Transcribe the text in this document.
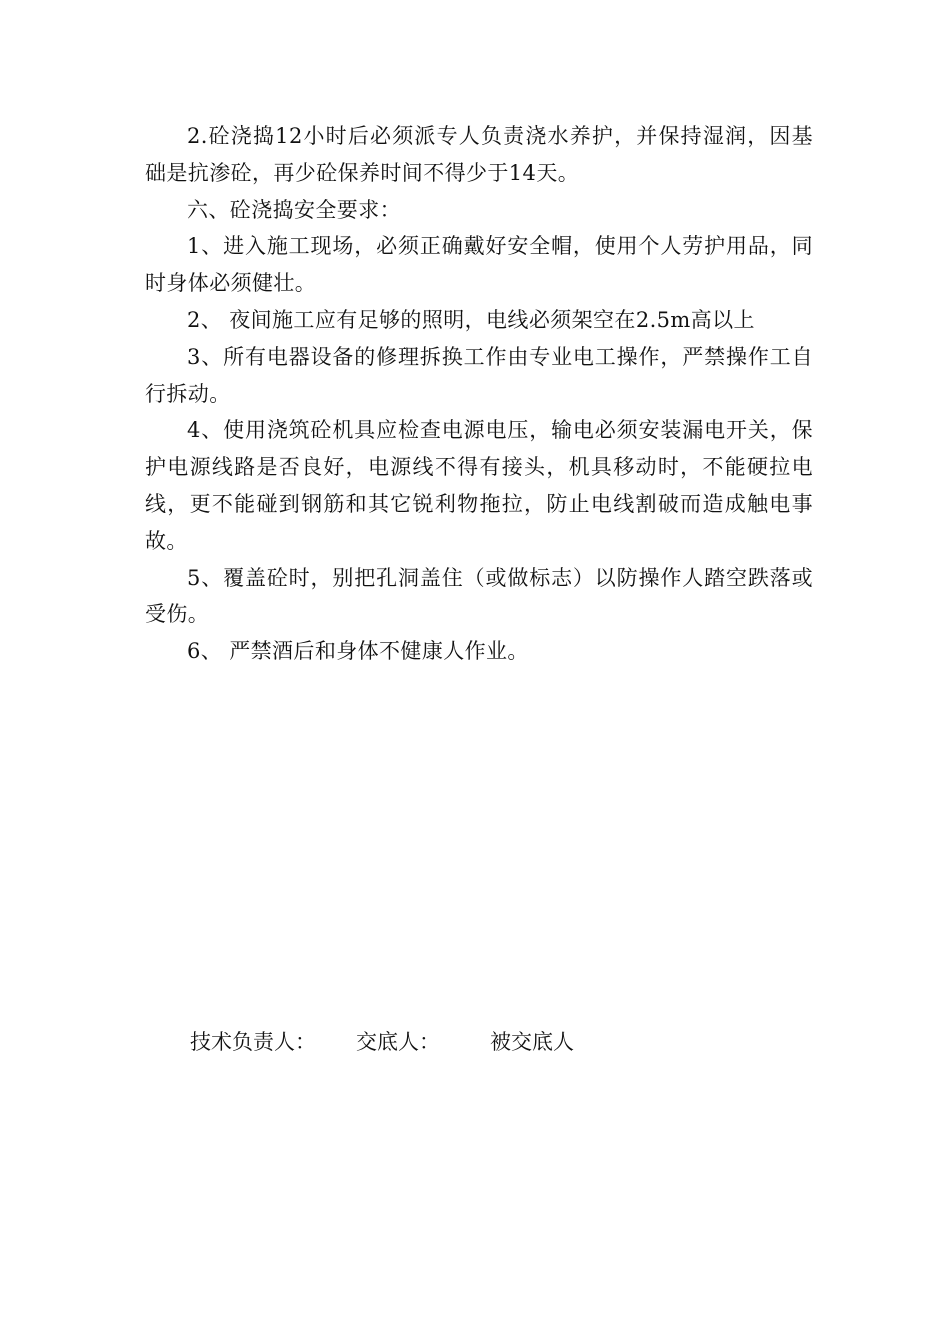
2.砼浇捣12小时后必须派专人负责浇水养护，并保持湿润，因基础是抗渗砼，再少砼保养时间不得少于14天。

六、砼浇捣安全要求：

1、进入施工现场，必须正确戴好安全帽，使用个人劳护用品，同时身体必须健壮。

2、 夜间施工应有足够的照明，电线必须架空在2.5m高以上

3、所有电器设备的修理拆换工作由专业电工操作，严禁操作工自行拆动。

4、使用浇筑砼机具应检查电源电压，输电必须安装漏电开关，保护电源线路是否良好，电源线不得有接头，机具移动时，不能硬拉电线，更不能碰到钢筋和其它锐利物拖拉，防止电线割破而造成触电事故。

5、覆盖砼时，别把孔洞盖住（或做标志）以防操作人踏空跌落或受伤。

6、 严禁酒后和身体不健康人作业。

技术负责人： 交底人： 被交底人
